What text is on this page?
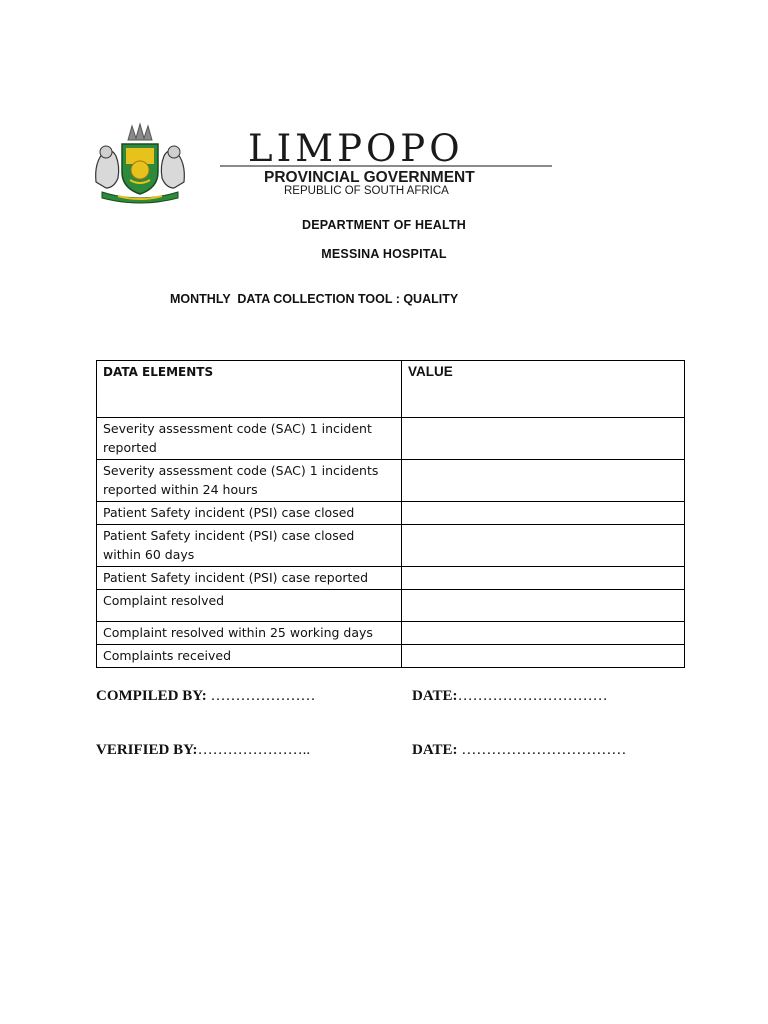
LIMPOPO
PROVINCIAL GOVERNMENT
REPUBLIC OF SOUTH AFRICA
DEPARTMENT OF HEALTH
MESSINA HOSPITAL
MONTHLY  DATA COLLECTION TOOL : QUALITY
DATA ELEMENTS	VALUE
Severity assessment code (SAC) 1 incident reported	
Severity assessment code (SAC) 1 incidents reported within 24 hours	
Patient Safety incident (PSI) case closed	
Patient Safety incident (PSI) case closed within 60 days	
Patient Safety incident (PSI) case reported	
Complaint resolved	
Complaint resolved within 25 working days	
Complaints received	
COMPILED BY: …………………	DATE:…………………………
VERIFIED BY:…………………..	DATE: ……………………………
